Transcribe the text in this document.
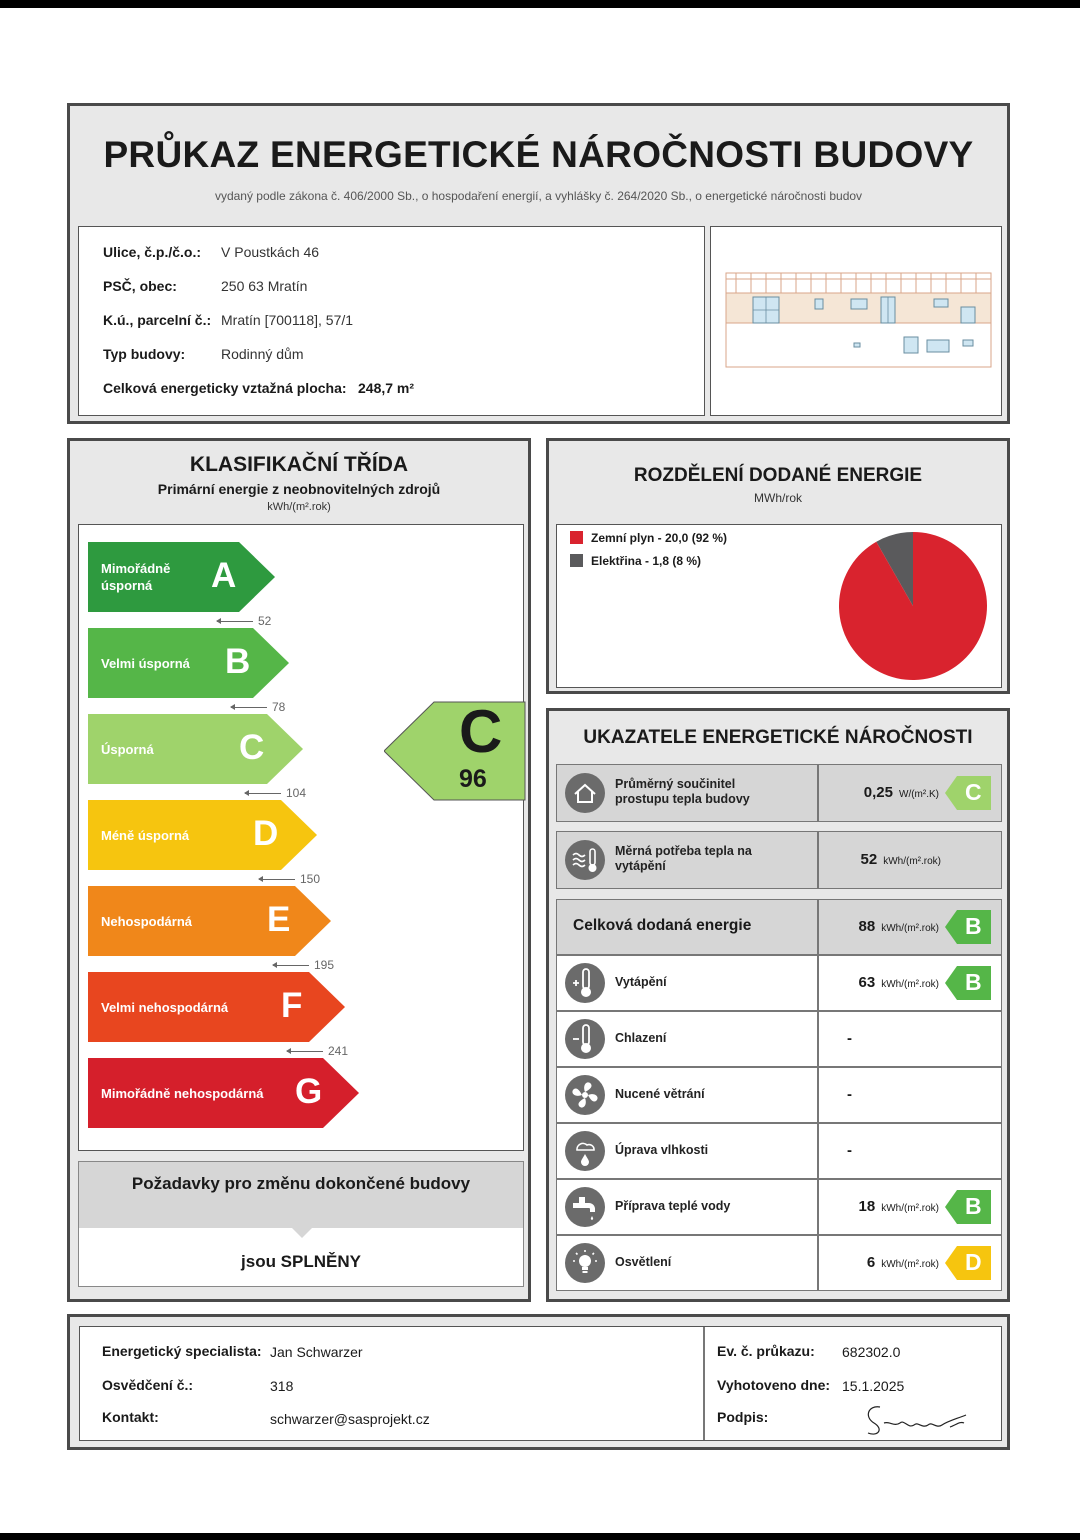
PRŮKAZ ENERGETICKÉ NÁROČNOSTI BUDOVY
vydaný podle zákona č. 406/2000 Sb., o hospodaření energií, a vyhlášky č. 264/2020 Sb., o energetické náročnosti budov
Ulice, č.p./č.o.: V Poustkách 46
PSČ, obec:	250 63 Mratín
K.ú., parcelní č.: Mratín [700118], 57/1
Typ budovy:	Rodinný dům
Celková energeticky vztažná plocha: 248,7 m²
KLASIFIKAČNÍ TŘÍDA
Primární energie z neobnovitelných zdrojů
kWh/(m².rok)
Mimořádně úsporná	A
Velmi úsporná	B
Úsporná	C
Méně úsporná	D
Nehospodárná	E
Velmi nehospodárná	F
Mimořádně nehospodárná G
52
78
104
150
195
241
C
96
Požadavky pro změnu dokončené budovy
jsou SPLNĚNY
ROZDĚLENÍ DODANÉ ENERGIE
MWh/rok
Zemní plyn - 20,0 (92 %)
Elektřina - 1,8 (8 %)
UKAZATELE ENERGETICKÉ NÁROČNOSTI
Průměrný součinitel prostupu tepla budovy	0,25 W/(m².K) C
Měrná potřeba tepla na vytápění	52 kWh/(m².rok)
Celková dodaná energie	88 kWh/(m².rok) B
Vytápění	63 kWh/(m².rok) B
Chlazení	-
Nucené větrání	-
Úprava vlhkosti	-
Příprava teplé vody	18 kWh/(m².rok) B
Osvětlení	6 kWh/(m².rok) D
Energetický specialista: Jan Schwarzer
Osvědčení č.:	318
Kontakt:	schwarzer@sasprojekt.cz
Ev. č. průkazu: 682302.0
Vyhotoveno dne: 15.1.2025
Podpis:
